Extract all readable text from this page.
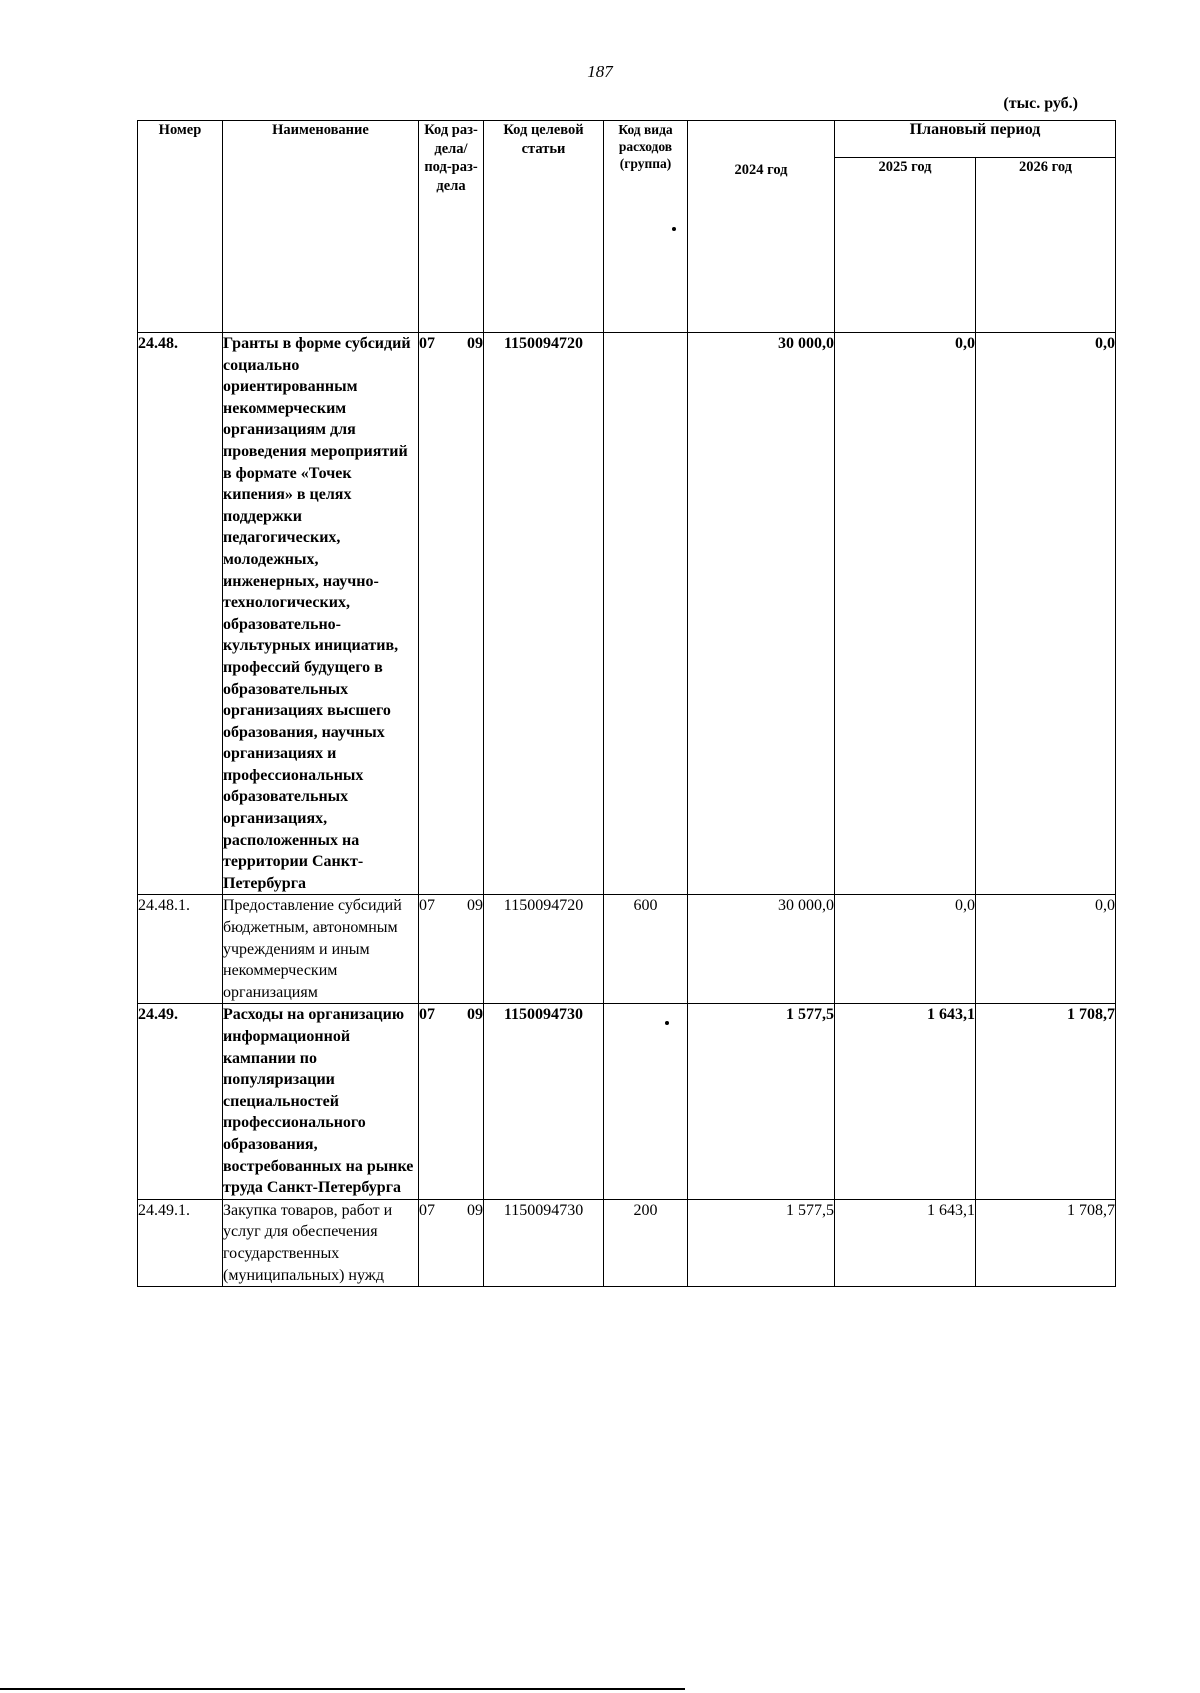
187
(тыс. руб.)
Номер	Наименование	Код раз-дела/ под-раз-дела	Код целевой статьи	Код вида расходов (группа)	2024 год	Плановый период	
						2025 год	2026 год
24.48.	Гранты в форме субсидий социально ориентированным некоммерческим организациям для проведения мероприятий в формате «Точек кипения» в целях поддержки педагогических, молодежных, инженерных, научно-технологических, образовательно-культурных инициатив, профессий будущего в образовательных организациях высшего образования, научных организациях и профессиональных образовательных организациях, расположенных на территории Санкт-Петербурга	07 09	1150094720		30 000,0	0,0	0,0
24.48.1.	Предоставление субсидий бюджетным, автономным учреждениям и иным некоммерческим организациям	07 09	1150094720	600	30 000,0	0,0	0,0
24.49.	Расходы на организацию информационной кампании по популяризации специальностей профессионального образования, востребованных на рынке труда Санкт-Петербурга	07 09	1150094730		1 577,5	1 643,1	1 708,7
24.49.1.	Закупка товаров, работ и услуг для обеспечения государственных (муниципальных) нужд	07 09	1150094730	200	1 577,5	1 643,1	1 708,7
